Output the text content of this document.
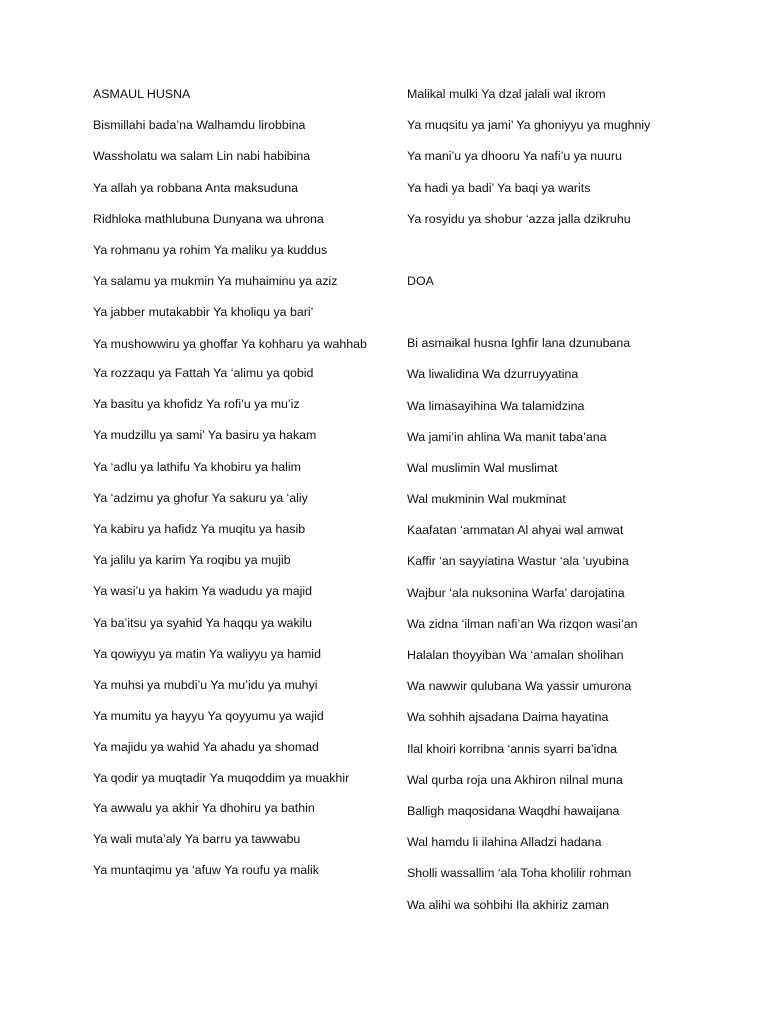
ASMAUL HUSNA

Bismillahi bada’na Walhamdu lirobbina

Wassholatu wa salam Lin nabi habibina

Ya allah ya robbana Anta maksuduna

Ridhloka mathlubuna Dunyana wa uhrona

Ya rohmanu ya rohim Ya maliku ya kuddus

Ya salamu ya mukmin Ya muhaiminu ya aziz

Ya jabber mutakabbir Ya kholiqu ya bari’

Ya mushowwiru ya ghoffar Ya kohharu ya wahhab

Ya rozzaqu ya Fattah Ya ‘alimu ya qobid

Ya basitu ya khofidz Ya rofi’u ya mu’iz

Ya mudzillu ya sami’ Ya basiru ya hakam

Ya ‘adlu ya lathifu Ya khobiru ya halim

Ya ‘adzimu ya ghofur Ya sakuru ya ‘aliy

Ya kabiru ya hafidz Ya muqitu ya hasib

Ya jalilu ya karim Ya roqibu ya mujib

Ya wasi’u ya hakim Ya wadudu ya majid

Ya ba’itsu ya syahid Ya haqqu ya wakilu

Ya qowiyyu ya matin Ya waliyyu ya hamid

Ya muhsi ya mubdi’u Ya mu’idu ya muhyi

Ya mumitu ya hayyu Ya qoyyumu ya wajid

Ya majidu ya wahid Ya ahadu ya shomad

Ya qodir ya muqtadir Ya muqoddim ya muakhir

Ya awwalu ya akhir Ya dhohiru ya bathin

Ya wali muta’aly Ya barru ya tawwabu

Ya muntaqimu ya ‘afuw Ya roufu ya malik

Malikal mulki Ya dzal jalali wal ikrom

Ya muqsitu ya jami’ Ya ghoniyyu ya mughniy

Ya mani’u ya dhooru Ya nafi’u ya nuuru

Ya hadi ya badi’ Ya baqi ya warits

Ya rosyidu ya shobur ‘azza jalla dzikruhu

DOA

Bi asmaikal husna Ighfir lana dzunubana

Wa liwalidina Wa dzurruyyatina

Wa limasayihina Wa talamidzina

Wa jami’in ahlina Wa manit taba’ana

Wal muslimin Wal muslimat

Wal mukminin Wal mukminat

Kaafatan ‘ammatan Al ahyai wal amwat

Kaffir ‘an sayyiatina Wastur ‘ala ‘uyubina

Wajbur ‘ala nuksonina Warfa’ darojatina

Wa zidna ‘ilman nafi’an Wa rizqon wasi’an

Halalan thoyyiban Wa ‘amalan sholihan

Wa nawwir qulubana Wa yassir umurona

Wa sohhih ajsadana Daima hayatina

Ilal khoiri korribna ‘annis syarri ba’idna

Wal qurba roja una Akhiron nilnal muna

Balligh maqosidana Waqdhi hawaijana

Wal hamdu li ilahina Alladzi hadana

Sholli wassallim ‘ala Toha kholilir rohman

Wa alihi wa sohbihi Ila akhiriz zaman
